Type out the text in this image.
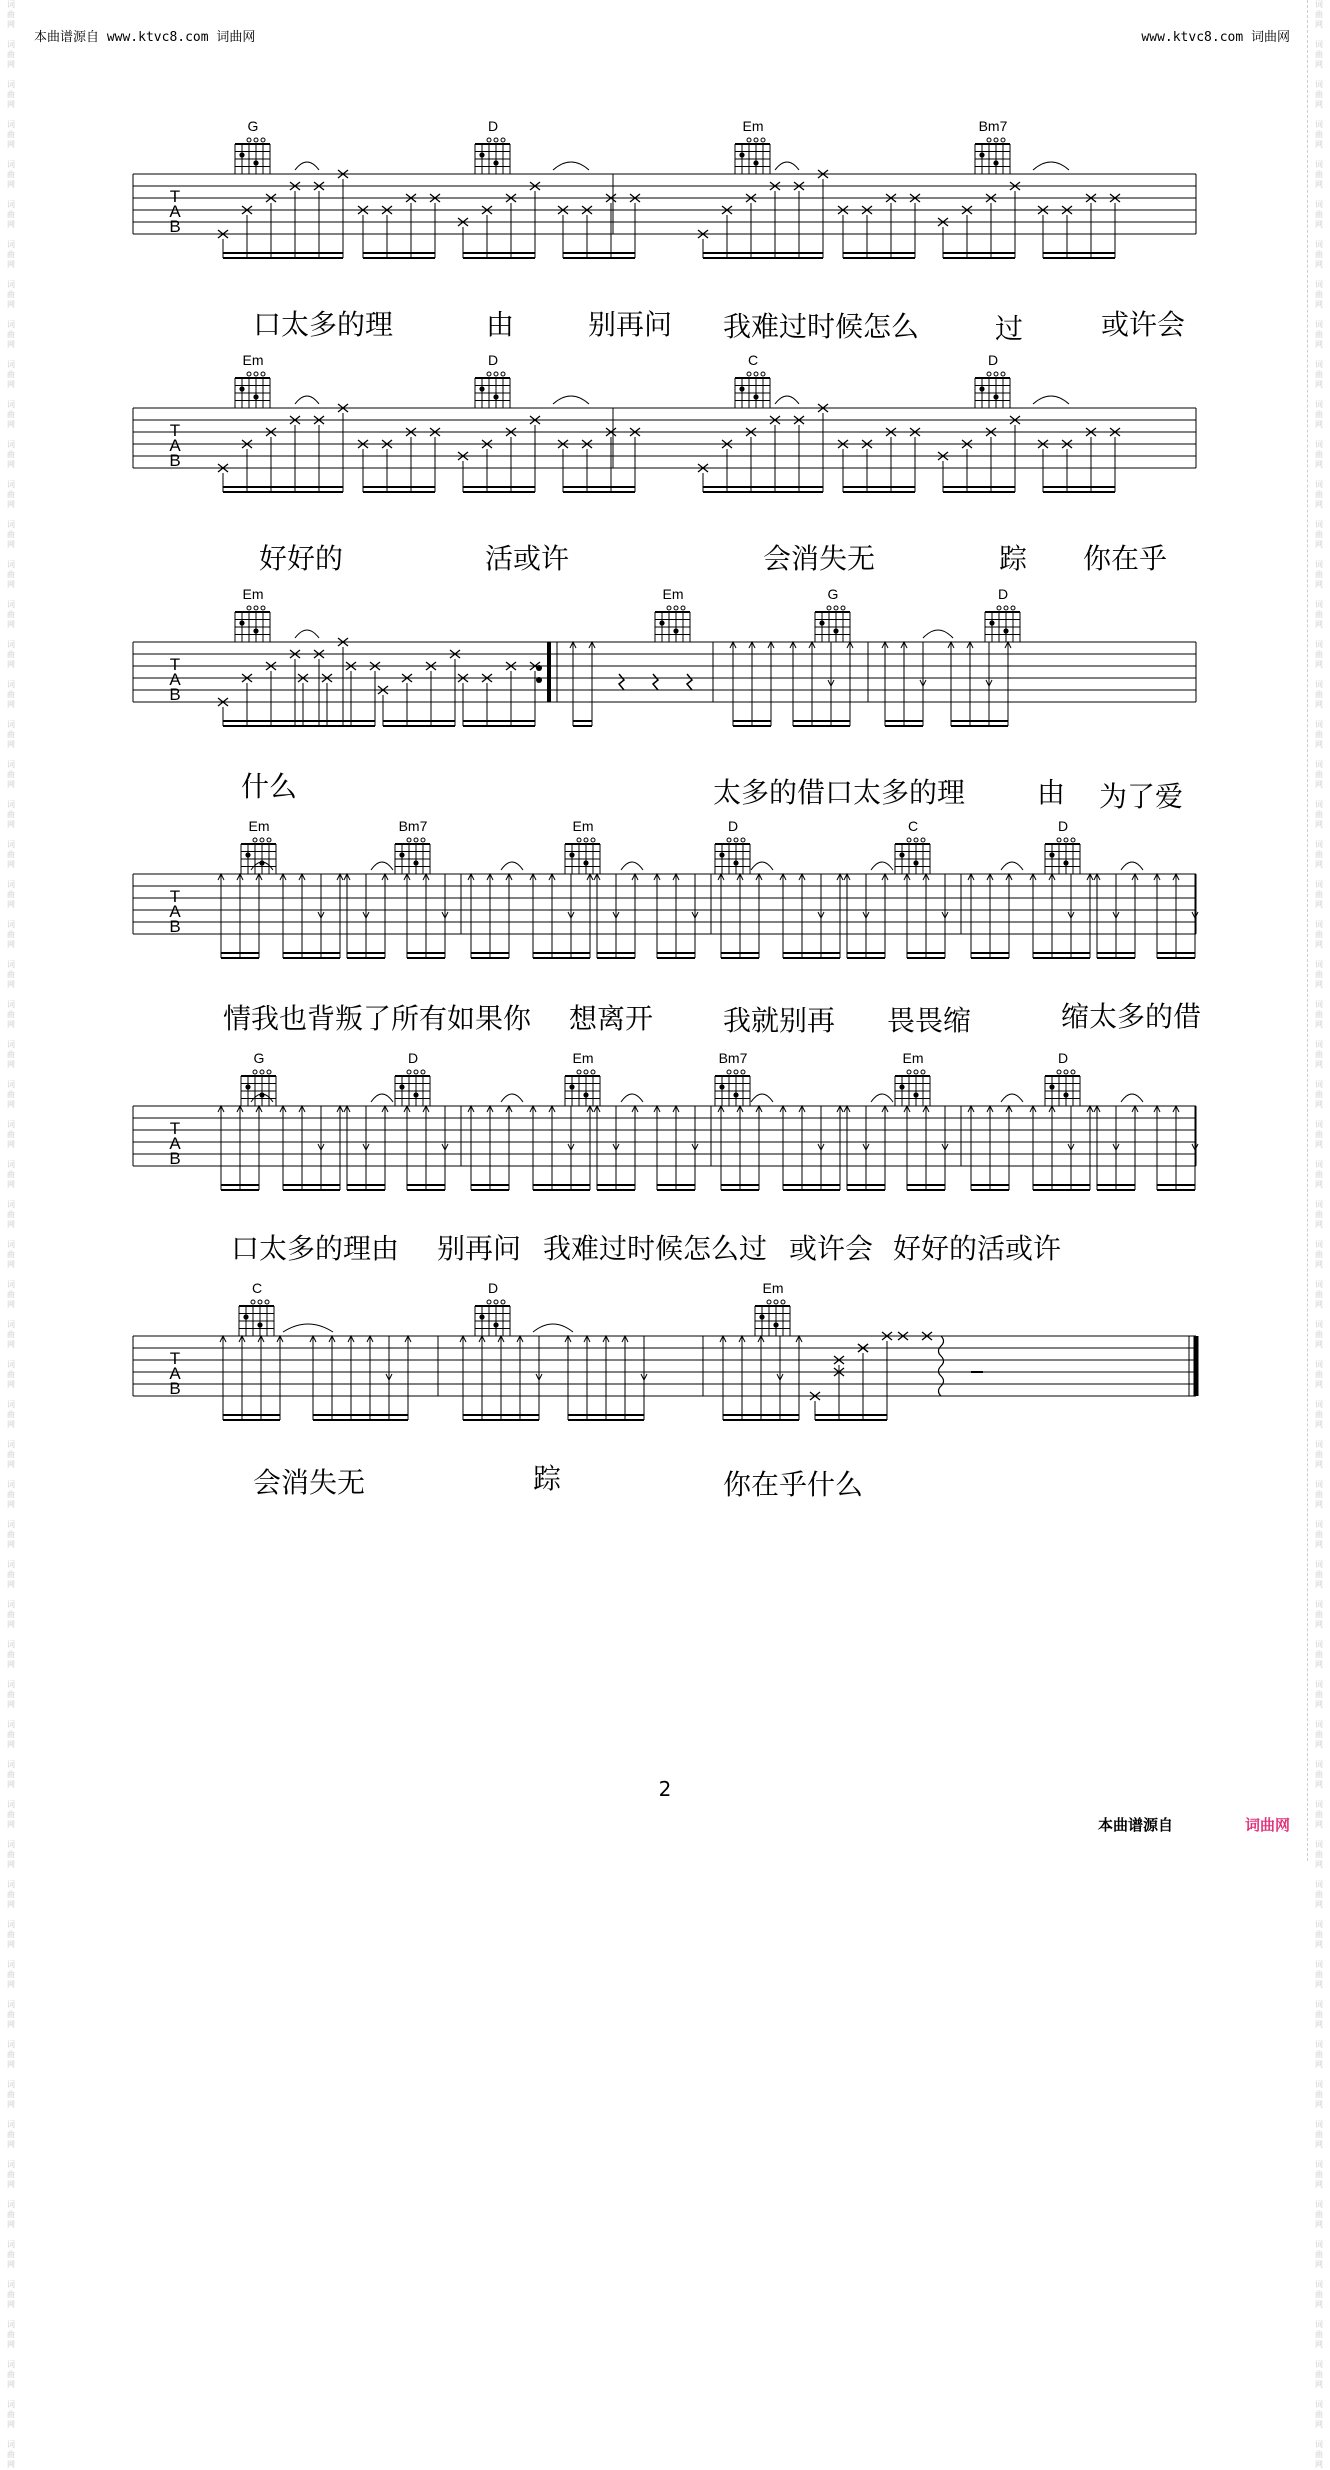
词
曲
网
词
曲
网
词
曲
网
词
曲
网
词
曲
网
词
曲
网
词
曲
网
词
曲
网
词
曲
网
词
曲
网
词
曲
网
词
曲
网
词
曲
网
词
曲
网
词
曲
网
词
曲
网
词
曲
网
词
曲
网
词
曲
网
词
曲
网
词
曲
网
词
曲
网
词
曲
网
词
曲
网
词
曲
网
词
曲
网
词
曲
网
词
曲
网
词
曲
网
词
曲
网
词
曲
网
词
曲
网
词
曲
网
词
曲
网
词
曲
网
词
曲
网
词
曲
网
词
曲
网
词
曲
网
词
曲
网
词
曲
网
词
曲
网
词
曲
网
词
曲
网
词
曲
网
词
曲
网
词
曲
网
词
曲
网
词
曲
网
词
曲
网
词
曲
网
词
曲
网
词
曲
网
词
曲
网
词
曲
网
词
曲
网
词
曲
网
词
曲
网
词
曲
网
词
曲
网
词
曲
网
词
曲
网
词
曲
网
词
曲
网
词
曲
网
词
曲
网
词
曲
网
词
曲
网
词
曲
网
词
曲
网
词
曲
网
词
曲
网
词
曲
网
词
曲
网
词
曲
网
词
曲
网
词
曲
网
词
曲
网
词
曲
网
词
曲
网
词
曲
网
词
曲
网
词
曲
网
词
曲
网
词
曲
网
词
曲
网
词
曲
网
词
曲
网
词
曲
网
词
曲
网
词
曲
网
词
曲
网
词
曲
网
词
曲
网
词
曲
网
词
曲
网
词
曲
网
词
曲
网
词
曲
网
词
曲
网
词
曲
网
词
曲
网
词
曲
网
词
曲
网
词
曲
网
词
曲
网
词
曲
网
词
曲
网
词
曲
网
词
曲
网
词
曲
网
词
曲
网
词
曲
网
词
曲
网
词
曲
网
词
曲
网
词
曲
网
词
曲
网
词
曲
网
词
曲
网
词
曲
网
词
曲
网
词
曲
网
词
曲
网
本曲谱源自 www.ktvc8.com 词曲网	www.ktvc8.com 词曲网
T
A
B
G	D	Em	Bm7
口太多的理	由	别再问 我难过时候怎么	过	或许会
T
A
B
Em	D	C	D
好好的	活或许	会消失无	踪 你在乎
T
A
B
Em	Em	G	D
什么	太多的借口太多的理	由 为了爱
T
A
B
Em	Bm7	Em	D	C	D
情我也背叛了所有如果你 想离开 我就别再 畏畏缩	缩太多的借
T
A
B
G	D	Em	Bm7	Em	D
口太多的理由 别再问 我难过时候怎么过 或许会 好好的活或许
T
A
B
C	D	Em
会消失无	踪	你在乎什么
2
本曲谱源自	词曲网
